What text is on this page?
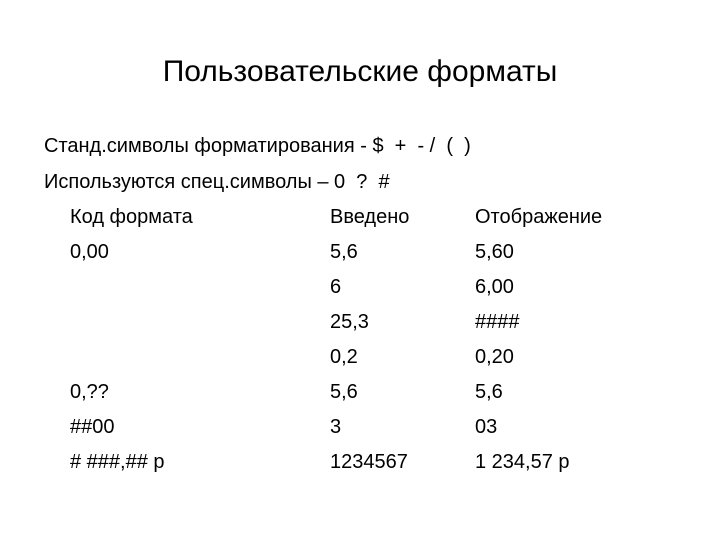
Пользовательские форматы
Станд.символы форматирования - $  +  - /  (  )
Используются спец.символы – 0  ?  #
Код формата	Введено	Отображение
0,00	5,6	5,60
	6	6,00
	25,3	####
	0,2	0,20
0,??	5,6	5,6
##00	3	03
# ###,## р	1234567	1 234,57 р
